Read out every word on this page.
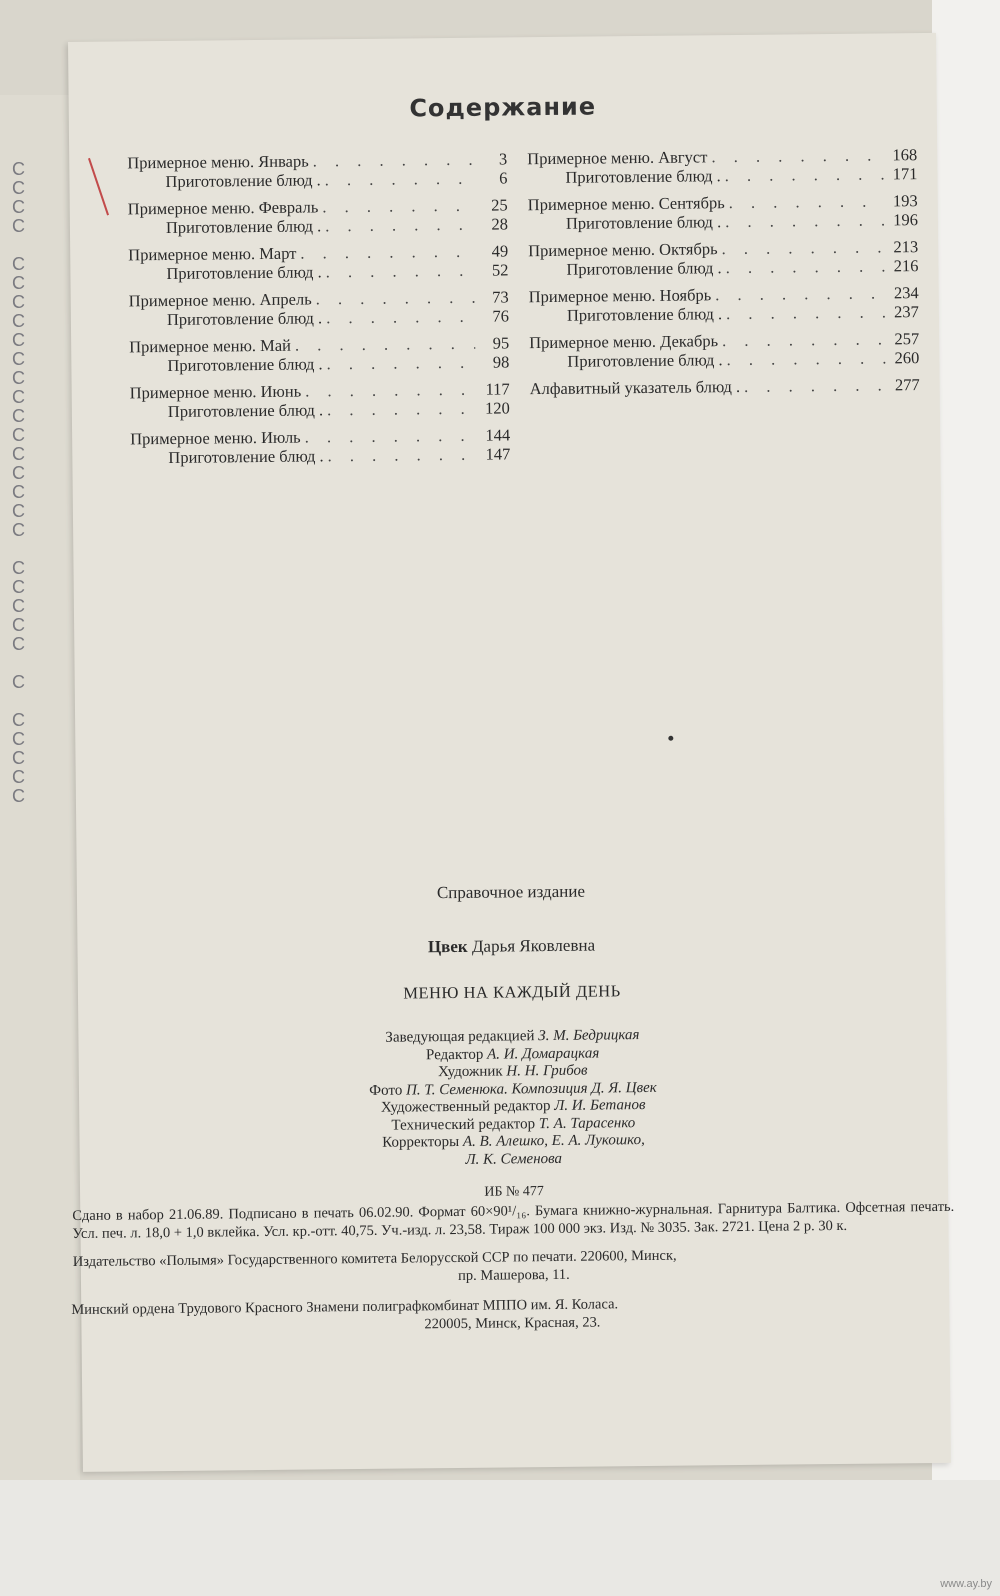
C
C
C
C

C
C
C
C
C
C
C
C
C
C
C
C
C
C
C

C
C
C
C
C

C

C
C
C
C
C
Содержание
Примерное меню. Январь . . .	3
Приготовление блюд . . . .	6
Примерное меню. Февраль . . .	25
Приготовление блюд . . . .	28
Примерное меню. Март . . .	49
Приготовление блюд . . . .	52
Примерное меню. Апрель . . .	73
Приготовление блюд . . . .	76
Примерное меню. Май . . .	95
Приготовление блюд . . . .	98
Примерное меню. Июнь . . .	117
Приготовление блюд . . . .	120
Примерное меню. Июль . . .	144
Приготовление блюд . . . .	147
Примерное меню. Август . . .	168
Приготовление блюд . . . .	171
Примерное меню. Сентябрь . . .	193
Приготовление блюд . . . .	196
Примерное меню. Октябрь . . .	213
Приготовление блюд . . . .	216
Примерное меню. Ноябрь . . .	234
Приготовление блюд . . . .	237
Примерное меню. Декабрь . . .	257
Приготовление блюд . . . .	260
Алфавитный указатель блюд . . . .	277
Справочное издание
Цвек Дарья Яковлевна
МЕНЮ НА КАЖДЫЙ ДЕНЬ
Заведующая редакцией З. М. Бедрицкая
Редактор А. И. Домарацкая
Художник Н. Н. Грибов
Фото П. Т. Семенюка. Композиция Д. Я. Цвек
Художественный редактор Л. И. Бетанов
Технический редактор Т. А. Тарасенко
Корректоры А. В. Алешко, Е. А. Лукошко,
Л. К. Семенова
ИБ № 477
Сдано в набор 21.06.89. Подписано в печать 06.02.90. Формат 60×90¹/₁₆. Бумага книжно-журнальная. Гарнитура Балтика. Офсетная печать. Усл. печ. л. 18,0 + 1,0 вклейка. Усл. кр.-отт. 40,75. Уч.-изд. л. 23,58. Тираж 100 000 экз. Изд. № 3035. Зак. 2721. Цена 2 р. 30 к.
Издательство «Полымя» Государственного комитета Белорусской ССР по печати. 220600, Минск,
пр. Машерова, 11.
Минский ордена Трудового Красного Знамени полиграфкомбинат МППО им. Я. Коласа.
220005, Минск, Красная, 23.
www.ay.by
